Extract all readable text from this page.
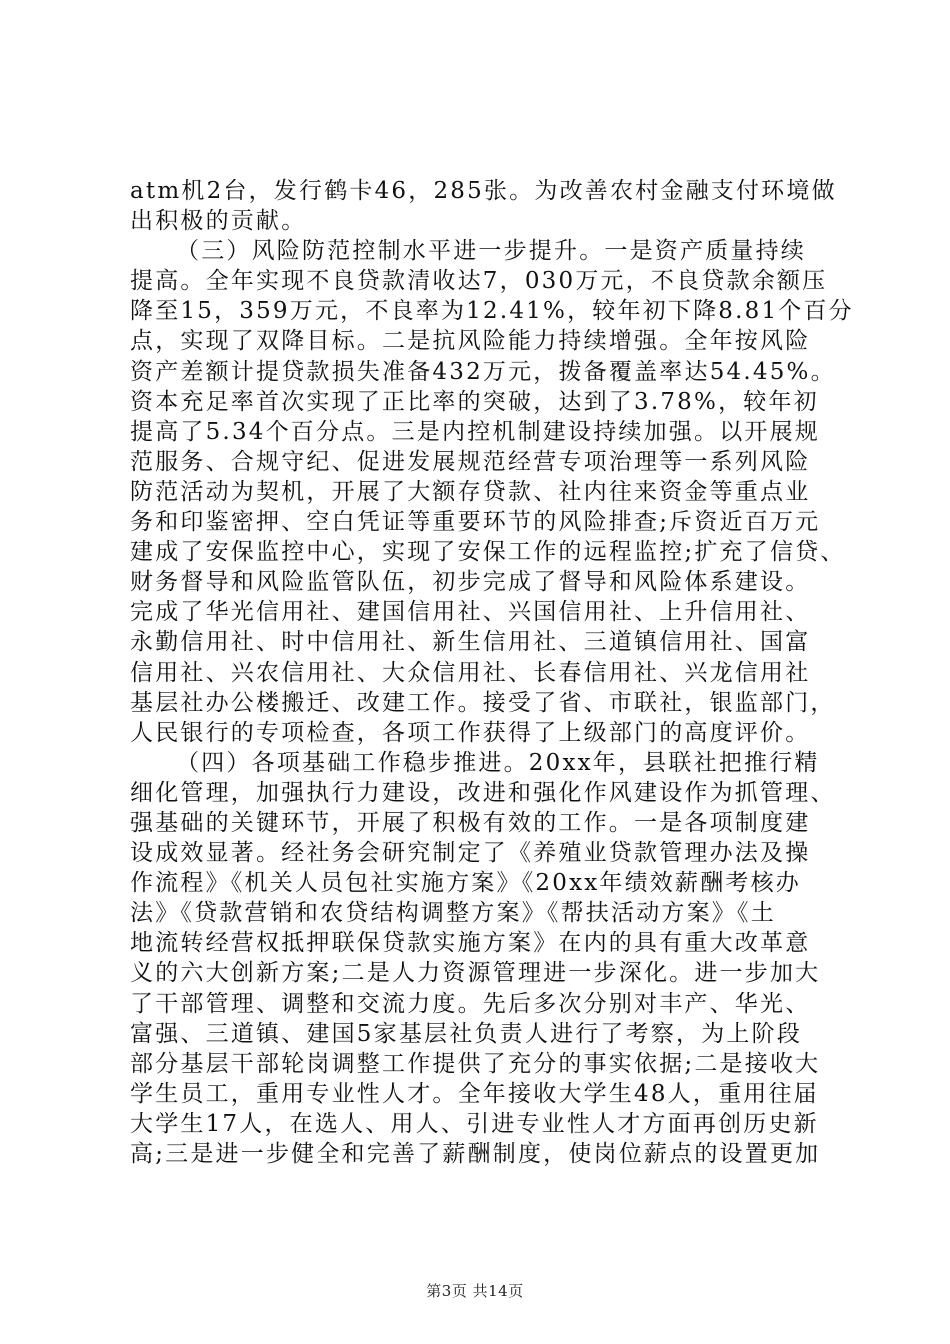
atm机2台，发行鹤卡46，285张。为改善农村金融支付环境做
出积极的贡献。
（三）风险防范控制水平进一步提升。一是资产质量持续
提高。全年实现不良贷款清收达7，030万元，不良贷款余额压
降至15，359万元，不良率为12.41%，较年初下降8.81个百分
点，实现了双降目标。二是抗风险能力持续增强。全年按风险
资产差额计提贷款损失准备432万元，拨备覆盖率达54.45%。
资本充足率首次实现了正比率的突破，达到了3.78%，较年初
提高了5.34个百分点。三是内控机制建设持续加强。以开展规
范服务、合规守纪、促进发展规范经营专项治理等一系列风险
防范活动为契机，开展了大额存贷款、社内往来资金等重点业
务和印鉴密押、空白凭证等重要环节的风险排查;斥资近百万元
建成了安保监控中心，实现了安保工作的远程监控;扩充了信贷、
财务督导和风险监管队伍，初步完成了督导和风险体系建设。
完成了华光信用社、建国信用社、兴国信用社、上升信用社、
永勤信用社、时中信用社、新生信用社、三道镇信用社、国富
信用社、兴农信用社、大众信用社、长春信用社、兴龙信用社
基层社办公楼搬迁、改建工作。接受了省、市联社，银监部门，
人民银行的专项检查，各项工作获得了上级部门的高度评价。
（四）各项基础工作稳步推进。20xx年，县联社把推行精
细化管理，加强执行力建设，改进和强化作风建设作为抓管理、
强基础的关键环节，开展了积极有效的工作。一是各项制度建
设成效显著。经社务会研究制定了《养殖业贷款管理办法及操
作流程》《机关人员包社实施方案》《20xx年绩效薪酬考核办
法》《贷款营销和农贷结构调整方案》《帮扶活动方案》《土
地流转经营权抵押联保贷款实施方案》在内的具有重大改革意
义的六大创新方案;二是人力资源管理进一步深化。进一步加大
了干部管理、调整和交流力度。先后多次分别对丰产、华光、
富强、三道镇、建国5家基层社负责人进行了考察，为上阶段
部分基层干部轮岗调整工作提供了充分的事实依据;二是接收大
学生员工，重用专业性人才。全年接收大学生48人，重用往届
大学生17人，在选人、用人、引进专业性人才方面再创历史新
高;三是进一步健全和完善了薪酬制度，使岗位薪点的设置更加
第3页 共14页
